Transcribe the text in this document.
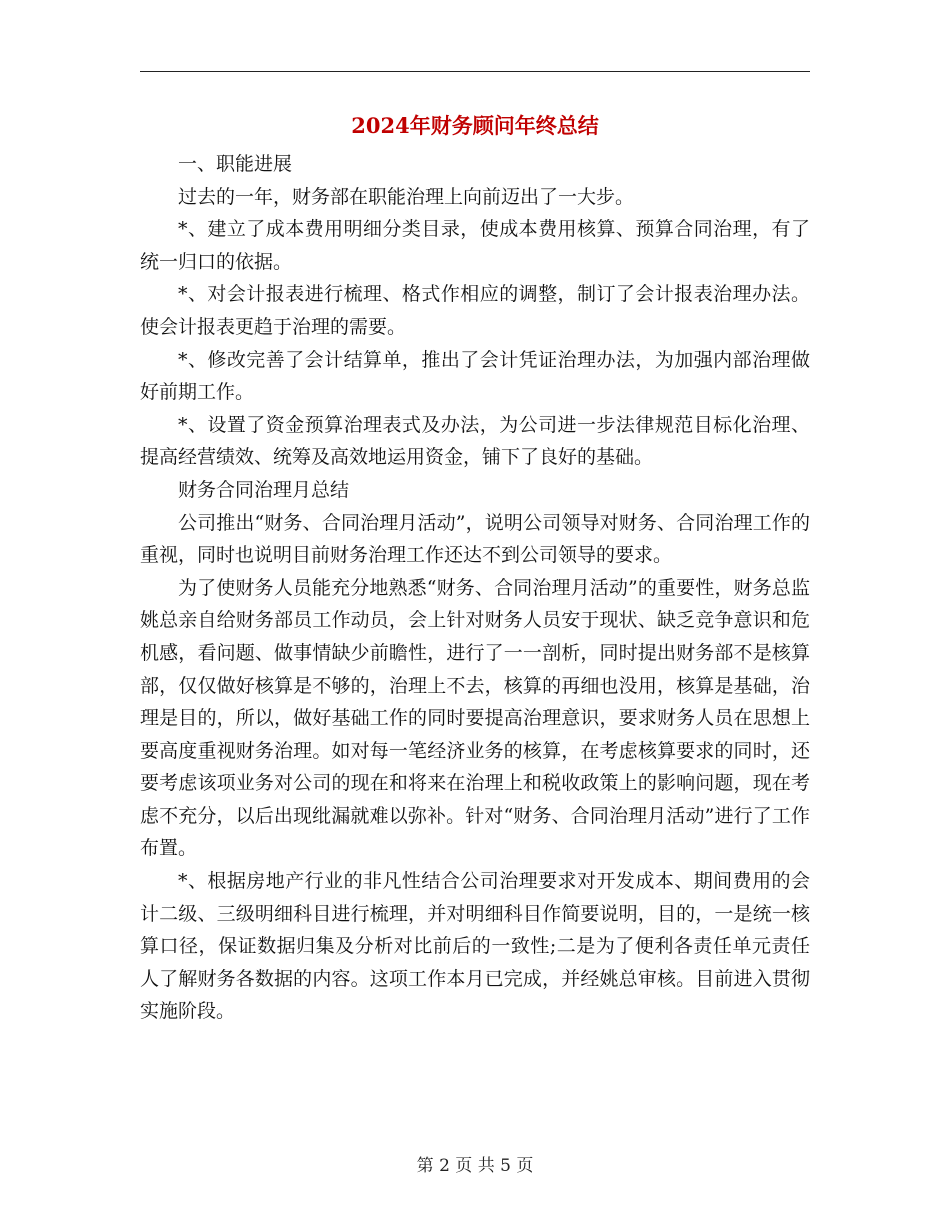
2024年财务顾问年终总结

一、职能进展

过去的一年，财务部在职能治理上向前迈出了一大步。

*、建立了成本费用明细分类目录，使成本费用核算、预算合同治理，有了统一归口的依据。

*、对会计报表进行梳理、格式作相应的调整，制订了会计报表治理办法。使会计报表更趋于治理的需要。

*、修改完善了会计结算单，推出了会计凭证治理办法，为加强内部治理做好前期工作。

*、设置了资金预算治理表式及办法，为公司进一步法律规范目标化治理、提高经营绩效、统筹及高效地运用资金，铺下了良好的基础。

财务合同治理月总结

公司推出“财务、合同治理月活动”，说明公司领导对财务、合同治理工作的重视，同时也说明目前财务治理工作还达不到公司领导的要求。

为了使财务人员能充分地熟悉“财务、合同治理月活动”的重要性，财务总监姚总亲自给财务部员工作动员，会上针对财务人员安于现状、缺乏竞争意识和危机感，看问题、做事情缺少前瞻性，进行了一一剖析，同时提出财务部不是核算部，仅仅做好核算是不够的，治理上不去，核算的再细也没用，核算是基础，治理是目的，所以，做好基础工作的同时要提高治理意识，要求财务人员在思想上要高度重视财务治理。如对每一笔经济业务的核算，在考虑核算要求的同时，还要考虑该项业务对公司的现在和将来在治理上和税收政策上的影响问题，现在考虑不充分，以后出现纰漏就难以弥补。针对“财务、合同治理月活动”进行了工作布置。

*、根据房地产行业的非凡性结合公司治理要求对开发成本、期间费用的会计二级、三级明细科目进行梳理，并对明细科目作简要说明，目的，一是统一核算口径，保证数据归集及分析对比前后的一致性;二是为了便利各责任单元责任人了解财务各数据的内容。这项工作本月已完成，并经姚总审核。目前进入贯彻实施阶段。

第 2 页 共 5 页
